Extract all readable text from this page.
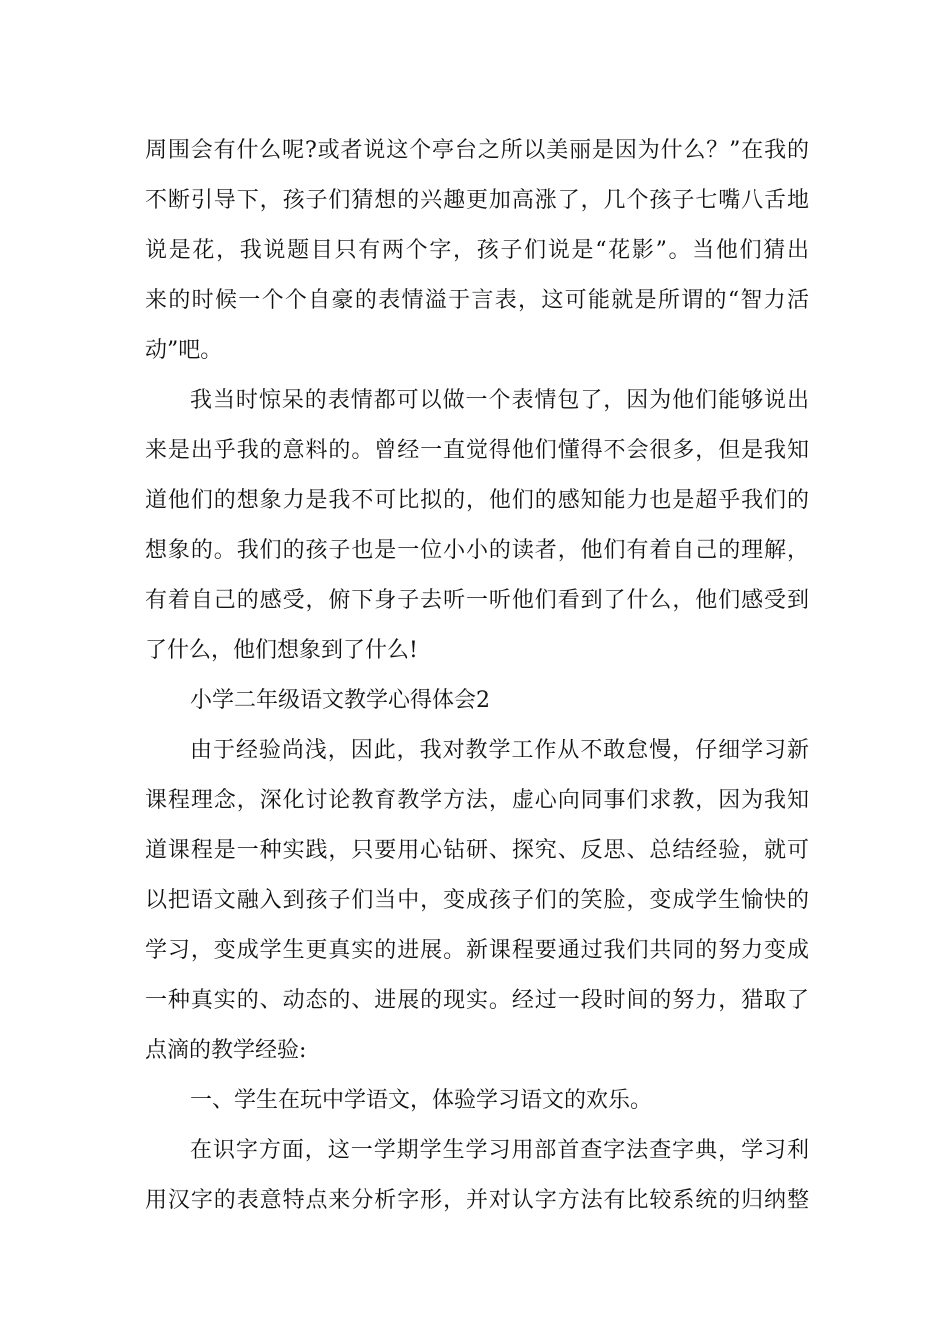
周围会有什么呢?或者说这个亭台之所以美丽是因为什么？”在我的
不断引导下，孩子们猜想的兴趣更加高涨了，几个孩子七嘴八舌地
说是花，我说题目只有两个字，孩子们说是“花影”。当他们猜出
来的时候一个个自豪的表情溢于言表，这可能就是所谓的“智力活
动”吧。
我当时惊呆的表情都可以做一个表情包了，因为他们能够说出
来是出乎我的意料的。曾经一直觉得他们懂得不会很多，但是我知
道他们的想象力是我不可比拟的，他们的感知能力也是超乎我们的
想象的。我们的孩子也是一位小小的读者，他们有着自己的理解，
有着自己的感受，俯下身子去听一听他们看到了什么，他们感受到
了什么，他们想象到了什么!
小学二年级语文教学心得体会2
由于经验尚浅，因此，我对教学工作从不敢怠慢，仔细学习新
课程理念，深化讨论教育教学方法，虚心向同事们求教，因为我知
道课程是一种实践，只要用心钻研、探究、反思、总结经验，就可
以把语文融入到孩子们当中，变成孩子们的笑脸，变成学生愉快的
学习，变成学生更真实的进展。新课程要通过我们共同的努力变成
一种真实的、动态的、进展的现实。经过一段时间的努力，猎取了
点滴的教学经验:
一、学生在玩中学语文，体验学习语文的欢乐。
在识字方面，这一学期学生学习用部首查字法查字典，学习利
用汉字的表意特点来分析字形，并对认字方法有比较系统的归纳整
